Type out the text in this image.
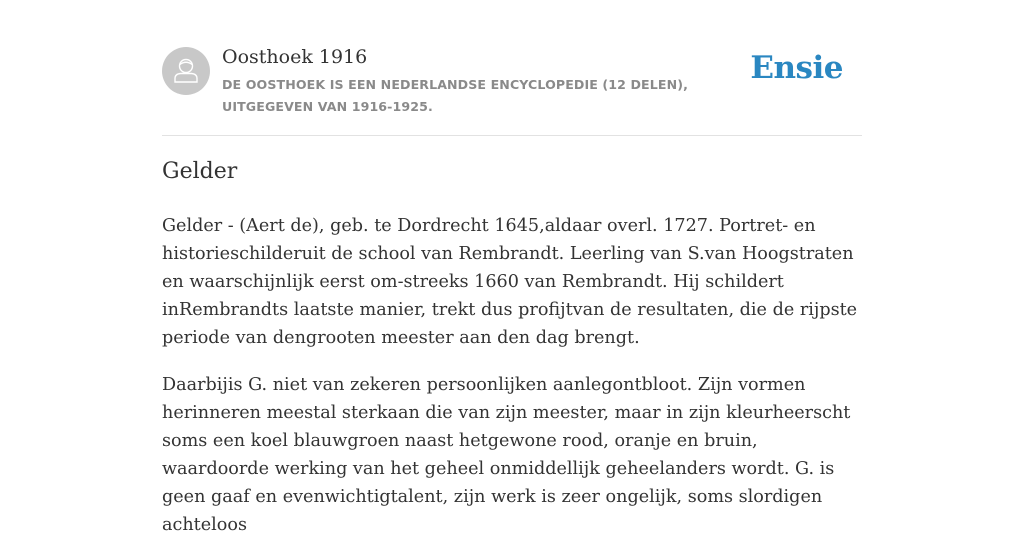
Oosthoek 1916
DE OOSTHOEK IS EEN NEDERLANDSE ENCYCLOPEDIE (12 DELEN), UITGEGEVEN VAN 1916-1925.
Ensie
Gelder

Gelder - (Aert de), geb. te Dordrecht 1645,aldaar overl. 1727. Portret- en historieschilderuit de school van Rembrandt. Leerling van S.van Hoogstraten en waarschijnlijk eerst om-streeks 1660 van Rembrandt. Hij schildert inRembrandts laatste manier, trekt dus profijtvan de resultaten, die de rijpste periode van dengrooten meester aan den dag brengt.

Daarbijis G. niet van zekeren persoonlijken aanlegontbloot. Zijn vormen herinneren meestal sterkaan die van zijn meester, maar in zijn kleurheerscht soms een koel blauwgroen naast hetgewone rood, oranje en bruin, waardoorde werking van het geheel onmiddellijk geheelanders wordt. G. is geen gaaf en evenwichtigtalent, zijn werk is zeer ongelijk, soms slordigen achteloos
